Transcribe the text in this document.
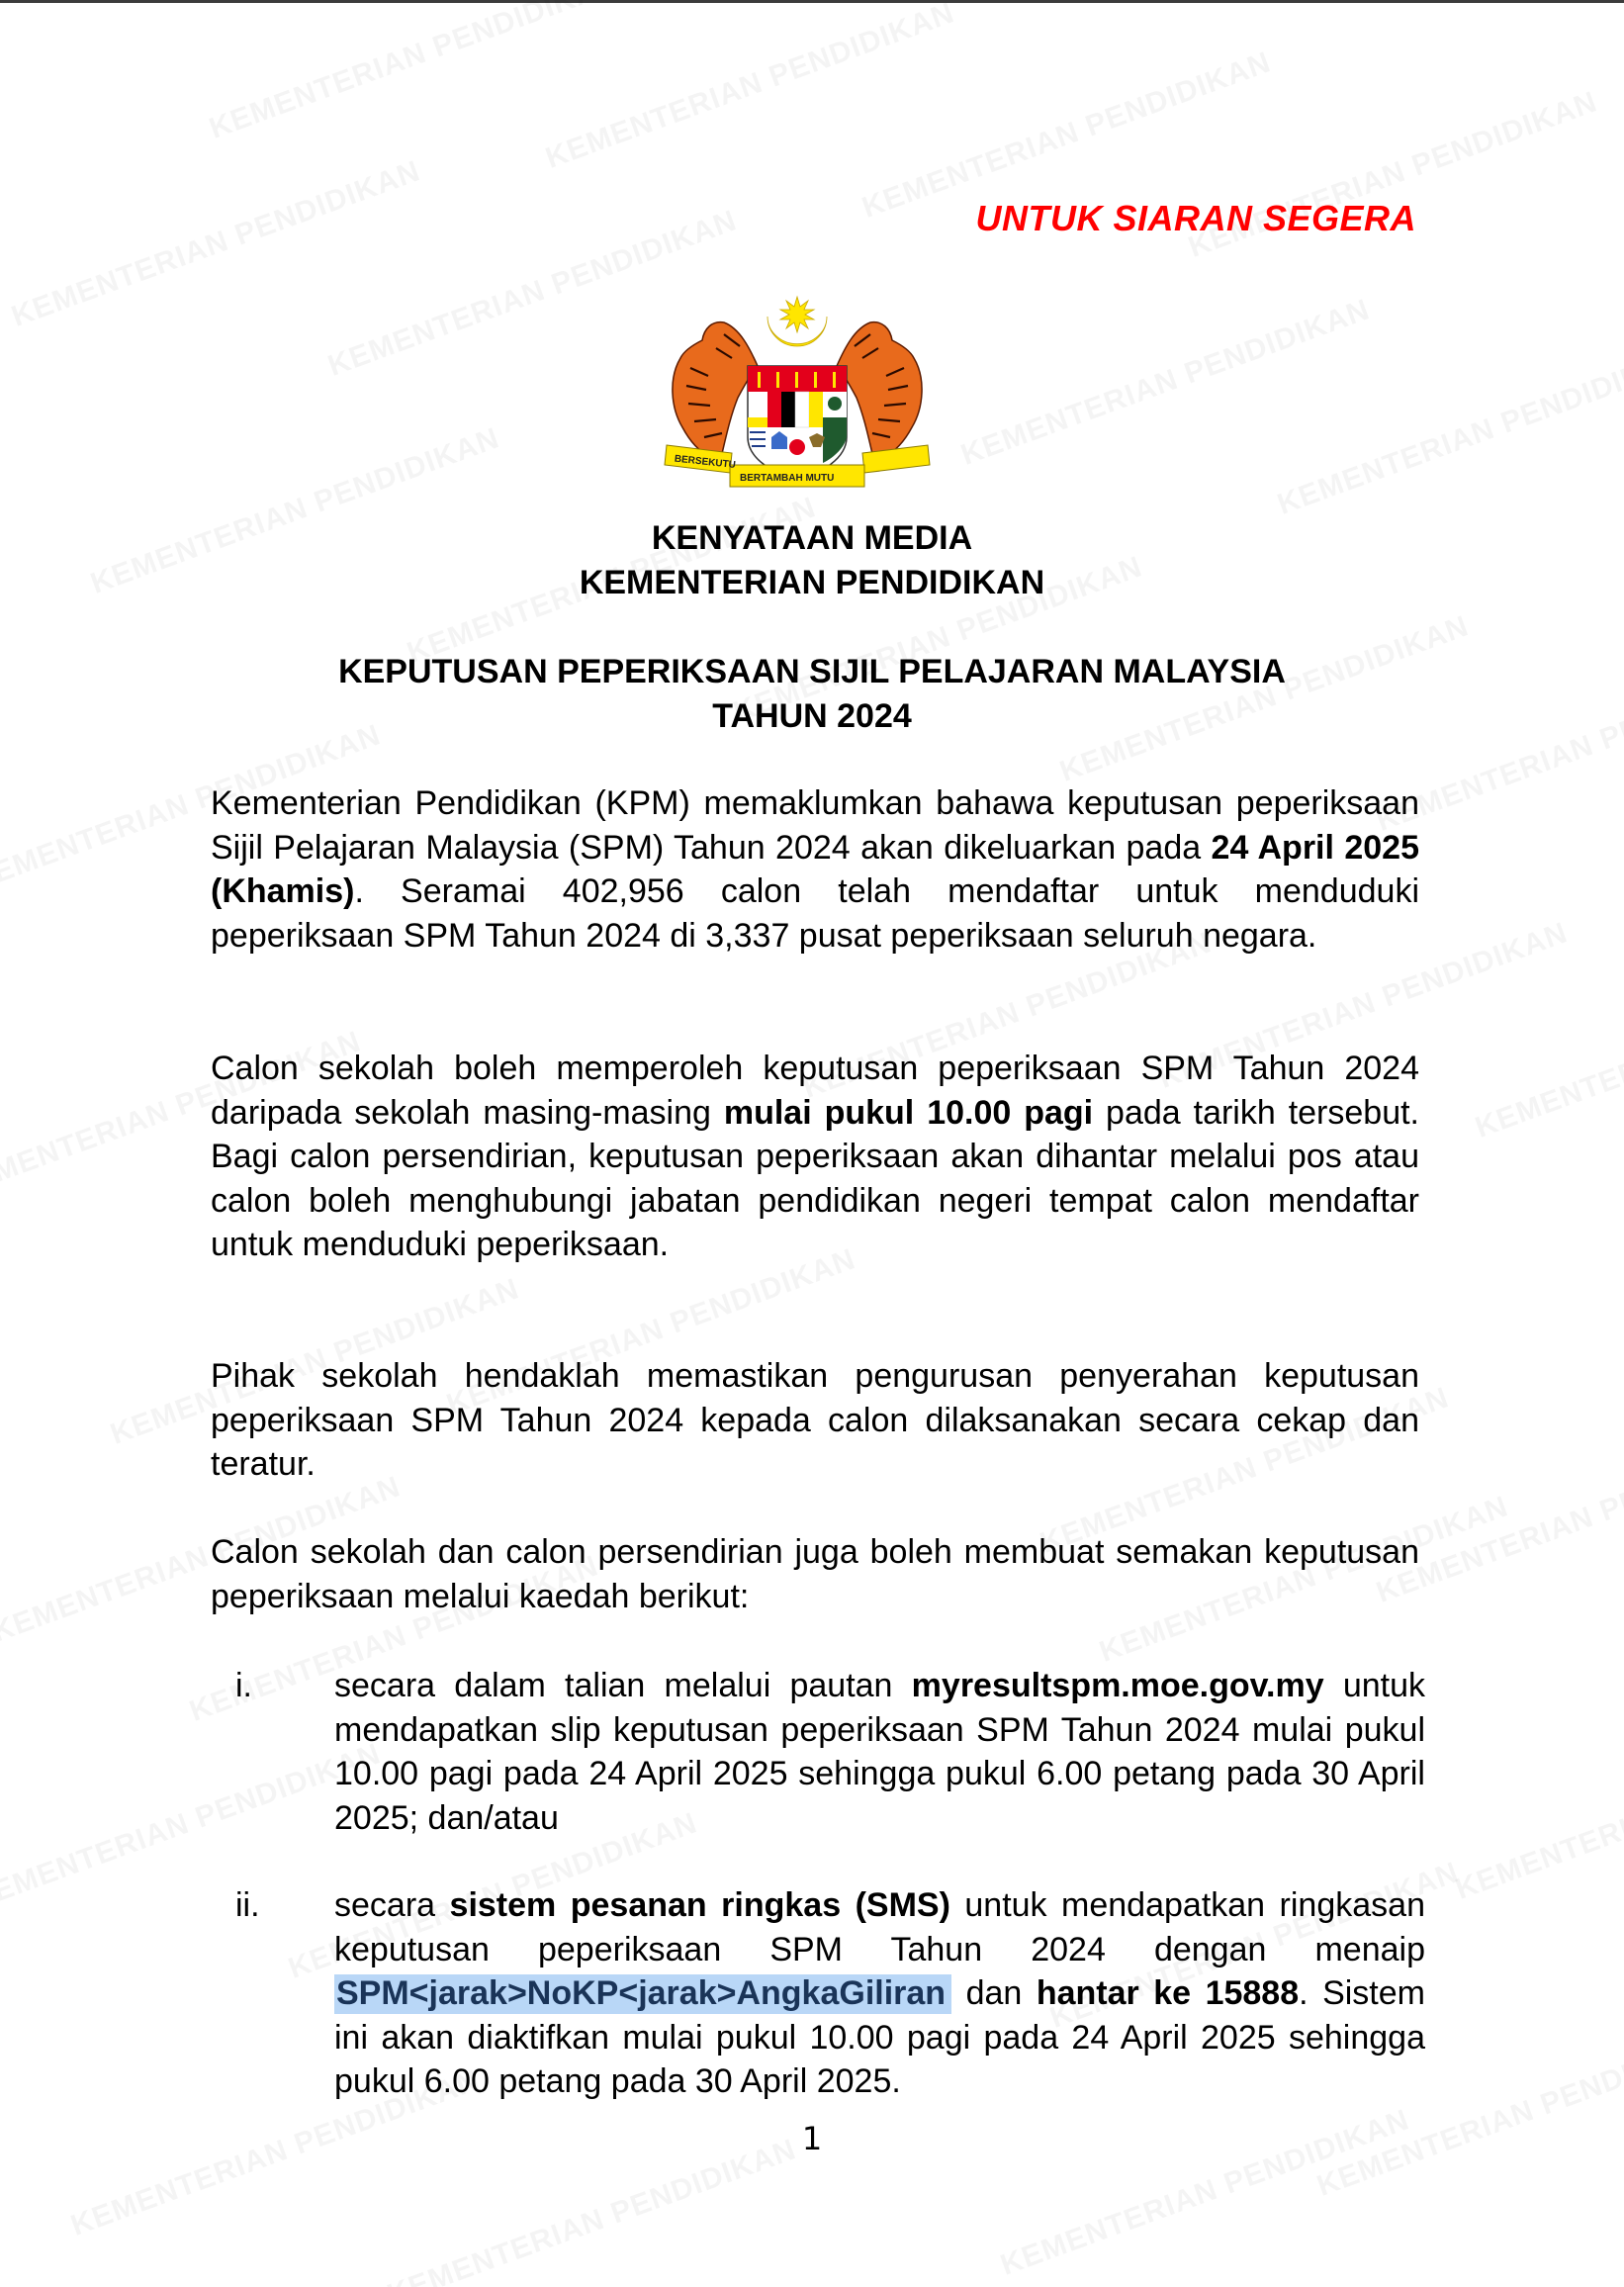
UNTUK SIARAN SEGERA
BERSEKUTU
BERTAMBAH MUTU
KENYATAAN MEDIA
KEMENTERIAN PENDIDIKAN
KEPUTUSAN PEPERIKSAAN SIJIL PELAJARAN MALAYSIA
TAHUN 2024
Kementerian Pendidikan (KPM) memaklumkan bahawa keputusan peperiksaan Sijil Pelajaran Malaysia (SPM) Tahun 2024 akan dikeluarkan pada 24 April 2025 (Khamis). Seramai 402,956 calon telah mendaftar untuk menduduki peperiksaan SPM Tahun 2024 di 3,337 pusat peperiksaan seluruh negara.
Calon sekolah boleh memperoleh keputusan peperiksaan SPM Tahun 2024 daripada sekolah masing-masing mulai pukul 10.00 pagi pada tarikh tersebut. Bagi calon persendirian, keputusan peperiksaan akan dihantar melalui pos atau calon boleh menghubungi jabatan pendidikan negeri tempat calon mendaftar untuk menduduki peperiksaan.
Pihak sekolah hendaklah memastikan pengurusan penyerahan keputusan peperiksaan SPM Tahun 2024 kepada calon dilaksanakan secara cekap dan teratur.
Calon sekolah dan calon persendirian juga boleh membuat semakan keputusan peperiksaan melalui kaedah berikut:
i. secara dalam talian melalui pautan myresultspm.moe.gov.my untuk mendapatkan slip keputusan peperiksaan SPM Tahun 2024 mulai pukul 10.00 pagi pada 24 April 2025 sehingga pukul 6.00 petang pada 30 April 2025; dan/atau
ii. secara sistem pesanan ringkas (SMS) untuk mendapatkan ringkasan keputusan peperiksaan SPM Tahun 2024 dengan menaip SPM<jarak>NoKP<jarak>AngkaGiliran dan hantar ke 15888. Sistem ini akan diaktifkan mulai pukul 10.00 pagi pada 24 April 2025 sehingga pukul 6.00 petang pada 30 April 2025.
1
